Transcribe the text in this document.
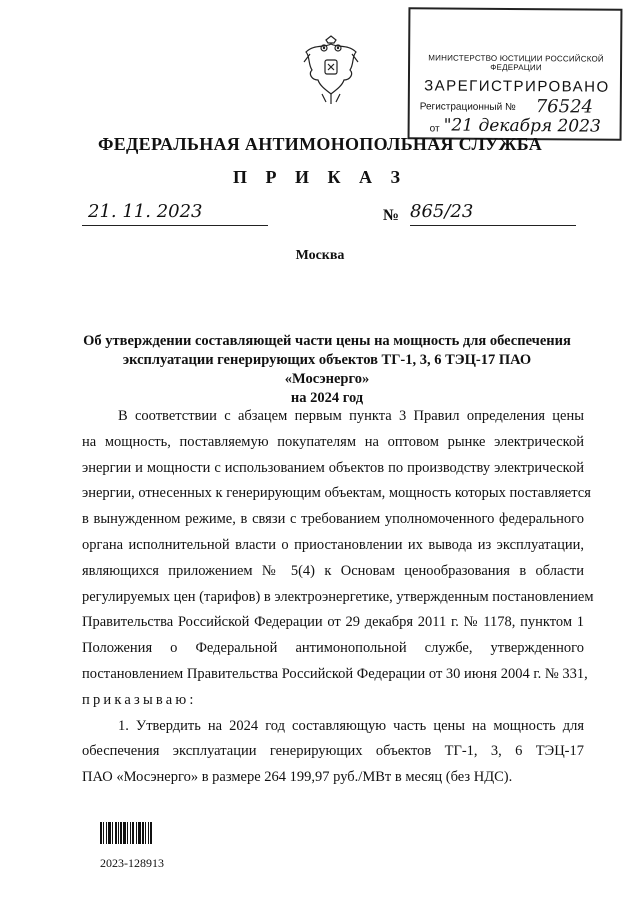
МИНИСТЕРСТВО ЮСТИЦИИ РОССИЙСКОЙ ФЕДЕРАЦИИ
ЗАРЕГИСТРИРОВАНО
Регистрационный № 76524
от "21 декабря 2023
ФЕДЕРАЛЬНАЯ АНТИМОНОПОЛЬНАЯ СЛУЖБА
П Р И К А З
21. 11. 2023	№ 865/23
Москва
Об утверждении составляющей части цены на мощность для обеспечения
эксплуатации генерирующих объектов ТГ-1, 3, 6 ТЭЦ-17 ПАО «Мосэнерго»
на 2024 год
В соответствии с абзацем первым пункта 3 Правил определения цены
на мощность, поставляемую покупателям на оптовом рынке электрической
энергии и мощности с использованием объектов по производству электрической
энергии, отнесенных к генерирующим объектам, мощность которых поставляется
в вынужденном режиме, в связи с требованием уполномоченного федерального
органа исполнительной власти о приостановлении их вывода из эксплуатации,
являющихся приложением № 5(4) к Основам ценообразования в области
регулируемых цен (тарифов) в электроэнергетике, утвержденным постановлением
Правительства Российской Федерации от 29 декабря 2011 г. № 1178, пунктом 1
Положения о Федеральной антимонопольной службе, утвержденного
постановлением Правительства Российской Федерации от 30 июня 2004 г. № 331,
приказываю:
1. Утвердить на 2024 год составляющую часть цены на мощность для
обеспечения эксплуатации генерирующих объектов ТГ-1, 3, 6 ТЭЦ-17
ПАО «Мосэнерго» в размере 264 199,97 руб./МВт в месяц (без НДС).
2023-128913
